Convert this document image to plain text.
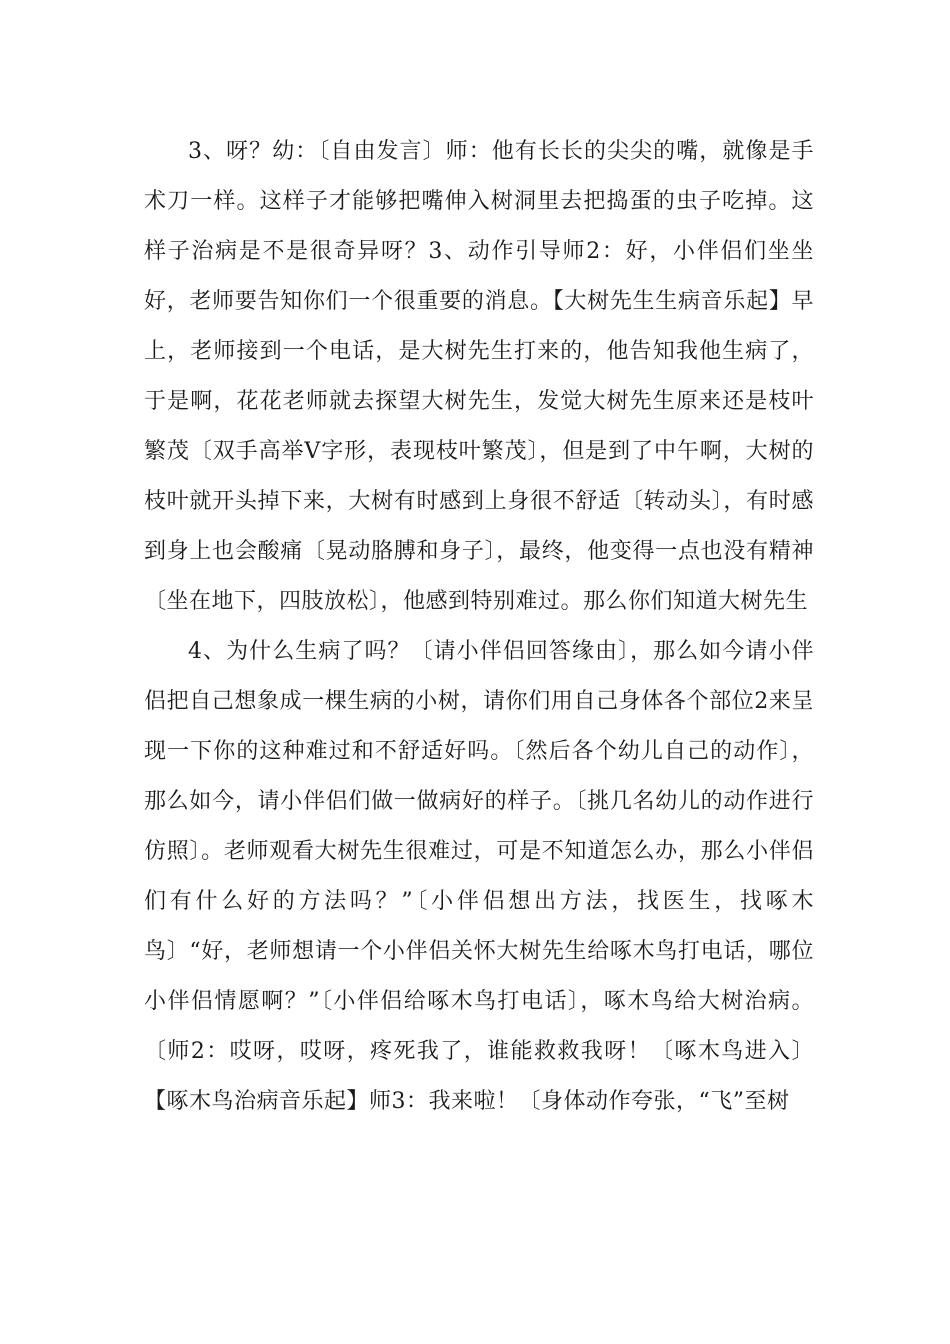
3、呀？幼：〔自由发言〕师：他有长长的尖尖的嘴，就像是手术刀一样。这样子才能够把嘴伸入树洞里去把捣蛋的虫子吃掉。这样子治病是不是很奇异呀？3、动作引导师2：好，小伴侣们坐坐好，老师要告知你们一个很重要的消息。【大树先生生病音乐起】早上，老师接到一个电话，是大树先生打来的，他告知我他生病了，于是啊，花花老师就去探望大树先生，发觉大树先生原来还是枝叶繁茂〔双手高举V字形，表现枝叶繁茂〕，但是到了中午啊，大树的枝叶就开头掉下来，大树有时感到上身很不舒适〔转动头〕，有时感到身上也会酸痛〔晃动胳膊和身子〕，最终，他变得一点也没有精神〔坐在地下，四肢放松〕，他感到特别难过。那么你们知道大树先生

4、为什么生病了吗？〔请小伴侣回答缘由〕，那么如今请小伴侣把自己想象成一棵生病的小树，请你们用自己身体各个部位2来呈现一下你的这种难过和不舒适好吗。〔然后各个幼儿自己的动作〕，那么如今，请小伴侣们做一做病好的样子。〔挑几名幼儿的动作进行仿照〕。老师观看大树先生很难过，可是不知道怎么办，那么小伴侣们有什么好的方法吗？”〔小伴侣想出方法，找医生，找啄木鸟〕“好，老师想请一个小伴侣关怀大树先生给啄木鸟打电话，哪位小伴侣情愿啊？”〔小伴侣给啄木鸟打电话〕，啄木鸟给大树治病。〔师2：哎呀，哎呀，疼死我了，谁能救救我呀！〔啄木鸟进入〕【啄木鸟治病音乐起】师3：我来啦！〔身体动作夸张，“飞”至树
